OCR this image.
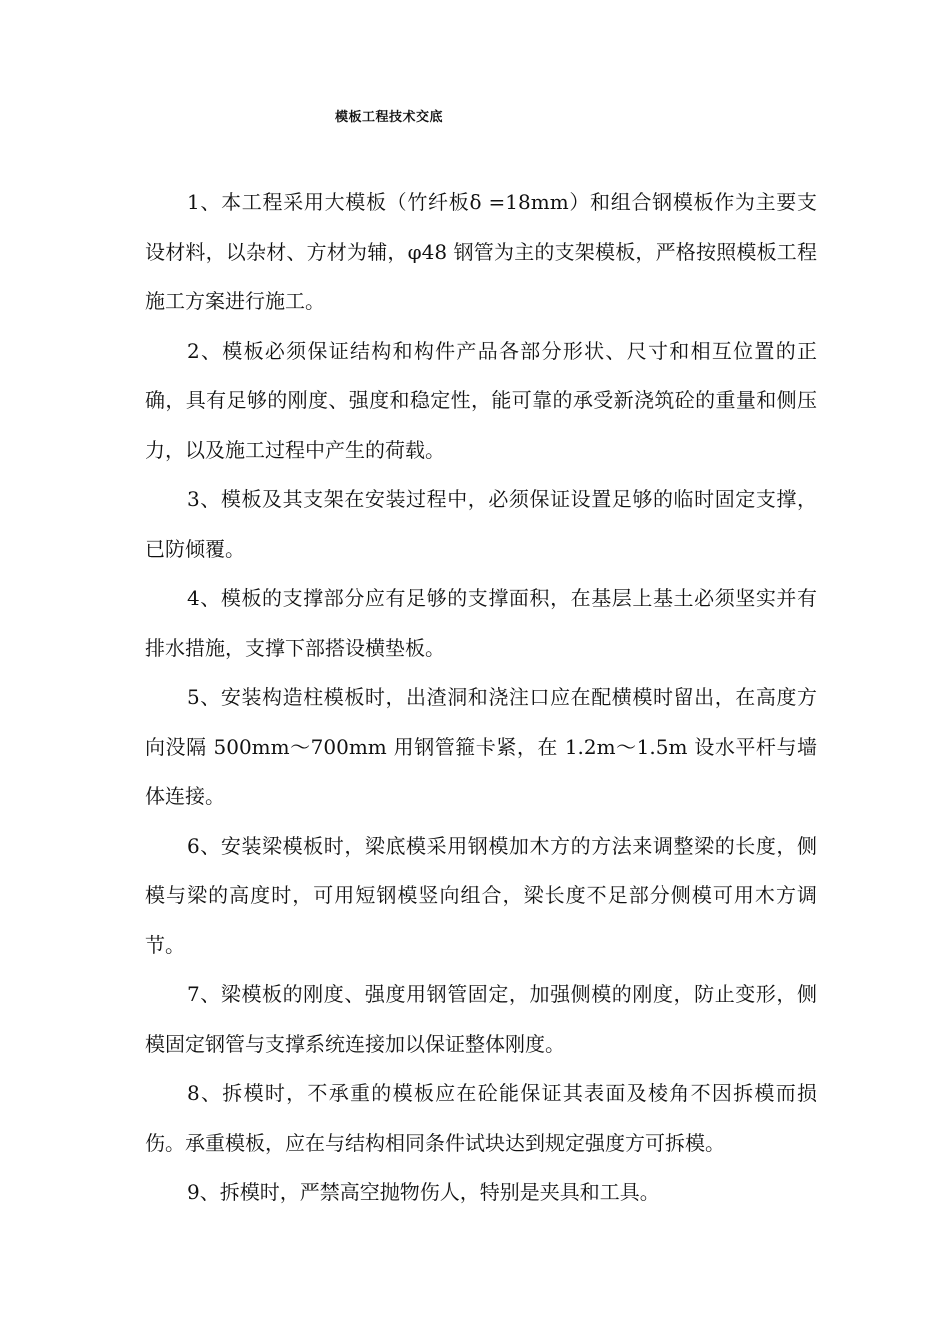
模板工程技术交底

1、本工程采用大模板（竹纤板δ =18mm）和组合钢模板作为主要支设材料，以杂材、方材为辅，φ48 钢管为主的支架模板，严格按照模板工程施工方案进行施工。

2、模板必须保证结构和构件产品各部分形状、尺寸和相互位置的正确，具有足够的刚度、强度和稳定性，能可靠的承受新浇筑砼的重量和侧压力，以及施工过程中产生的荷载。

3、模板及其支架在安装过程中，必须保证设置足够的临时固定支撑，已防倾覆。

4、模板的支撑部分应有足够的支撑面积，在基层上基土必须坚实并有排水措施，支撑下部搭设横垫板。

5、安装构造柱模板时，出渣洞和浇注口应在配横模时留出，在高度方向没隔 500mm～700mm 用钢管箍卡紧，在 1.2m～1.5m 设水平杆与墙体连接。

6、安装梁模板时，梁底模采用钢模加木方的方法来调整梁的长度，侧模与梁的高度时，可用短钢模竖向组合，梁长度不足部分侧模可用木方调节。

7、梁模板的刚度、强度用钢管固定，加强侧模的刚度，防止变形，侧模固定钢管与支撑系统连接加以保证整体刚度。

8、拆模时，不承重的模板应在砼能保证其表面及棱角不因拆模而损伤。承重模板，应在与结构相同条件试块达到规定强度方可拆模。

9、拆模时，严禁高空抛物伤人，特别是夹具和工具。
